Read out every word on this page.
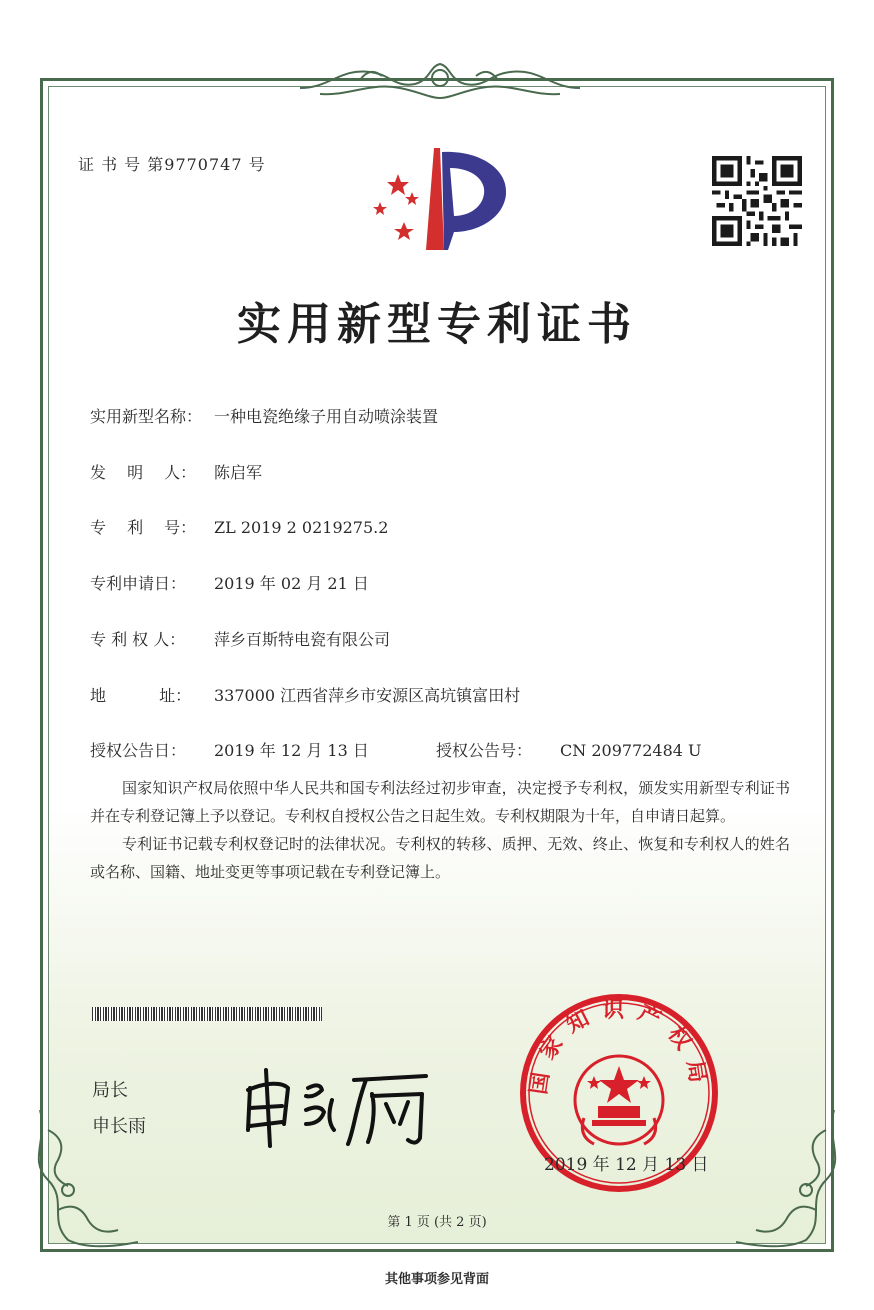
证 书 号 第9770747 号
实用新型专利证书
实用新型名称： 一种电瓷绝缘子用自动喷涂装置
发　 明　 人： 陈启军
专　 利　 号： ZL 2019 2 0219275.2
专利申请日： 2019 年 02 月 21 日
专 利 权 人： 萍乡百斯特电瓷有限公司
地　　　 址： 337000 江西省萍乡市安源区高坑镇富田村
授权公告日： 2019 年 12 月 13 日	授权公告号： CN 209772484 U

国家知识产权局依照中华人民共和国专利法经过初步审查，决定授予专利权，颁发实用新型专利证书并在专利登记簿上予以登记。专利权自授权公告之日起生效。专利权期限为十年，自申请日起算。

专利证书记载专利权登记时的法律状况。专利权的转移、质押、无效、终止、恢复和专利权人的姓名或名称、国籍、地址变更等事项记载在专利登记簿上。

局长
申长雨
国家知识产权局
2019 年 12 月 13 日
第 1 页 (共 2 页)
其他事项参见背面
